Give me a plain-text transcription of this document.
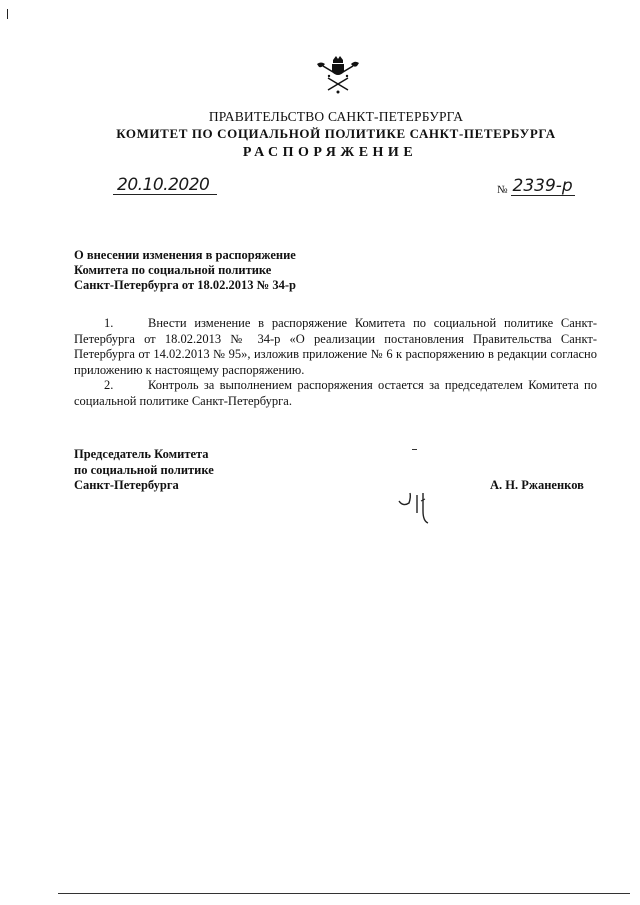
ПРАВИТЕЛЬСТВО САНКТ-ПЕТЕРБУРГА
КОМИТЕТ ПО СОЦИАЛЬНОЙ ПОЛИТИКЕ САНКТ-ПЕТЕРБУРГА
РАСПОРЯЖЕНИЕ
20.10.2020	№ 2339-р
О внесении изменения в распоряжение
Комитета по социальной политике
Санкт-Петербурга от 18.02.2013 № 34-р

1.	Внести изменение в распоряжение Комитета по социальной политике Санкт-Петербурга от 18.02.2013 № 34-р «О реализации постановления Правительства Санкт-Петербурга от 14.02.2013 № 95», изложив приложение № 6 к распоряжению в редакции согласно приложению к настоящему распоряжению.

2.	Контроль за выполнением распоряжения остается за председателем Комитета по социальной политике Санкт-Петербурга.

Председатель Комитета
по социальной политике
Санкт-Петербурга	А. Н. Ржаненков
